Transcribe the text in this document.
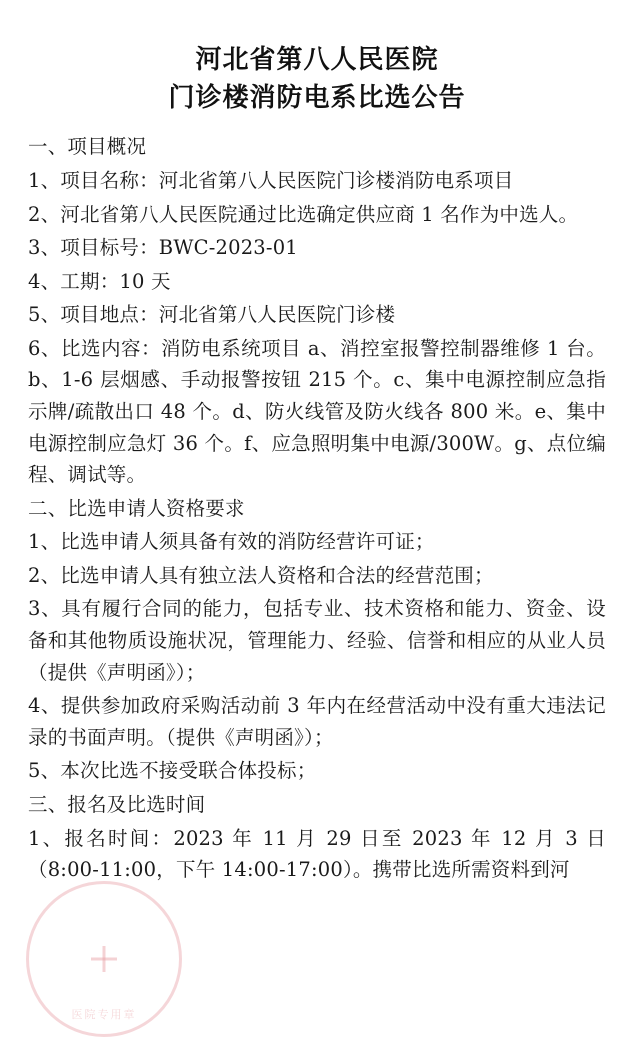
河北省第八人民医院
门诊楼消防电系比选公告

一、项目概况

1、项目名称：河北省第八人民医院门诊楼消防电系项目

2、河北省第八人民医院通过比选确定供应商 1 名作为中选人。

3、项目标号：BWC-2023-01

4、工期：10 天

5、项目地点：河北省第八人民医院门诊楼

6、比选内容：消防电系统项目 a、消控室报警控制器维修 1 台。b、1-6 层烟感、手动报警按钮 215 个。c、集中电源控制应急指示牌/疏散出口 48 个。d、防火线管及防火线各 800 米。e、集中电源控制应急灯 36 个。f、应急照明集中电源/300W。g、点位编程、调试等。

二、比选申请人资格要求

1、比选申请人须具备有效的消防经营许可证；

2、比选申请人具有独立法人资格和合法的经营范围；

3、具有履行合同的能力，包括专业、技术资格和能力、资金、设备和其他物质设施状况，管理能力、经验、信誉和相应的从业人员（提供《声明函》）；

4、提供参加政府采购活动前 3 年内在经营活动中没有重大违法记录的书面声明。（提供《声明函》）；

5、本次比选不接受联合体投标；

三、报名及比选时间

1、报名时间：2023 年 11 月 29 日至 2023 年 12 月 3 日（8:00-11:00，下午 14:00-17:00）。携带比选所需资料到河

医院专用章
